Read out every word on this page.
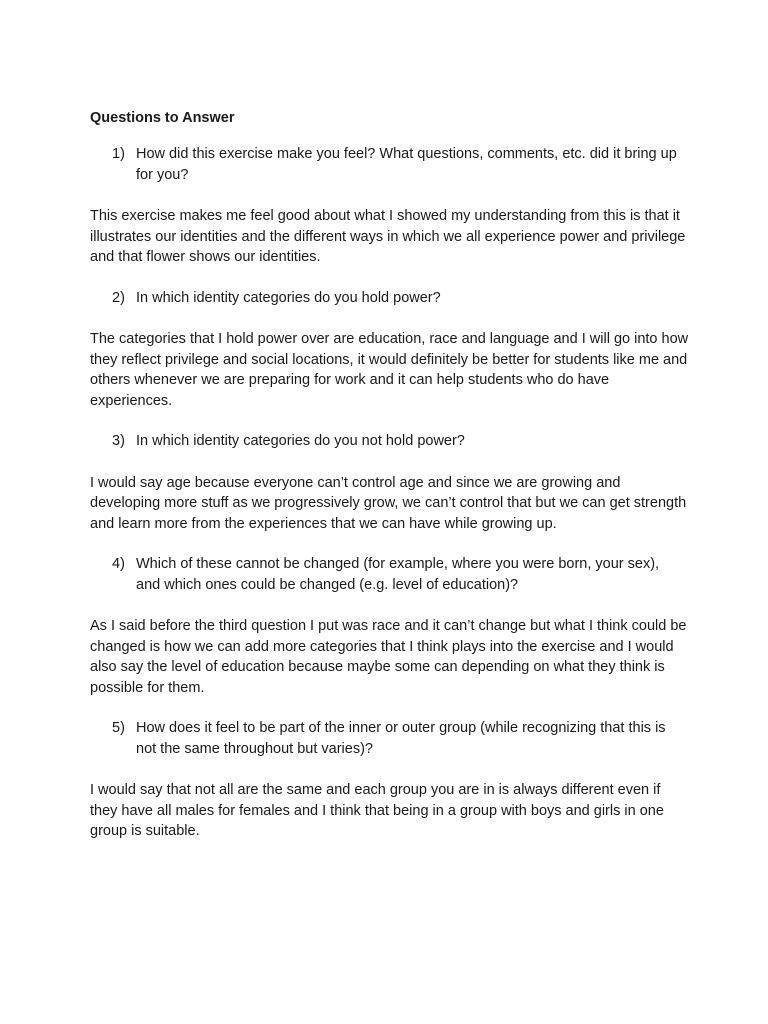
Questions to Answer
1) How did this exercise make you feel? What questions, comments, etc. did it bring up for you?
This exercise makes me feel good about what I showed my understanding from this is that it illustrates our identities and the different ways in which we all experience power and privilege and that flower shows our identities.
2) In which identity categories do you hold power?
The categories that I hold power over are education, race and language and I will go into how they reflect privilege and social locations, it would definitely be better for students like me and others whenever we are preparing for work and it can help students who do have experiences.
3) In which identity categories do you not hold power?
I would say age because everyone can’t control age and since we are growing and developing more stuff as we progressively grow, we can’t control that but we can get strength and learn more from the experiences that we can have while growing up.
4) Which of these cannot be changed (for example, where you were born, your sex), and which ones could be changed (e.g. level of education)?
As I said before the third question I put was race and it can’t change but what I think could be changed is how we can add more categories that I think plays into the exercise and I would also say the level of education because maybe some can depending on what they think is possible for them.
5) How does it feel to be part of the inner or outer group (while recognizing that this is not the same throughout but varies)?
I would say that not all are the same and each group you are in is always different even if they have all males for females and I think that being in a group with boys and girls in one group is suitable.
